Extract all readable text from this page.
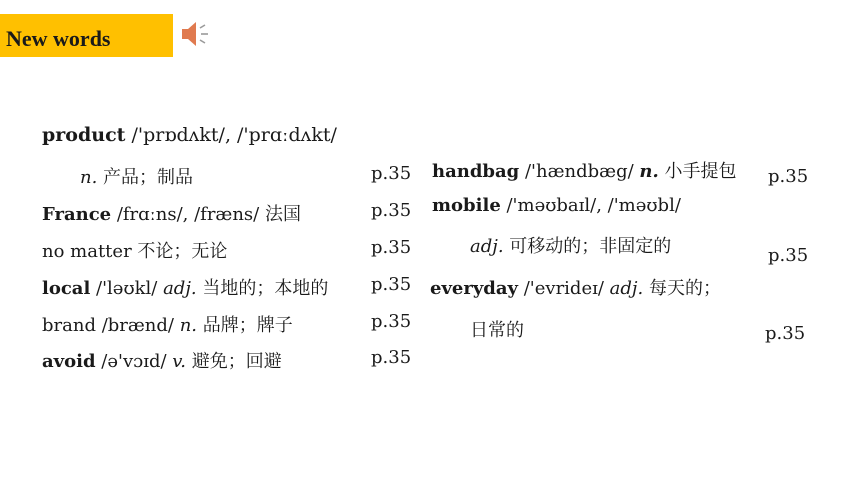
New words
product /'prɒdʌkt/, /'prɑːdʌkt/
n. 产品；制品	p.35
France /frɑːns/, /fræns/ 法国	p.35
no matter 不论；无论	p.35
local /'ləʊkl/ adj. 当地的；本地的 p.35
brand /brænd/ n. 品牌；牌子	p.35
avoid /ə'vɔɪd/ v. 避免；回避	p.35
handbag /'hændbæg/ n. 小手提包 p.35
mobile /'məʊbaɪl/, /'məʊbl/
adj. 可移动的；非固定的	p.35
everyday /'evrideɪ/ adj. 每天的；
日常的	p.35
